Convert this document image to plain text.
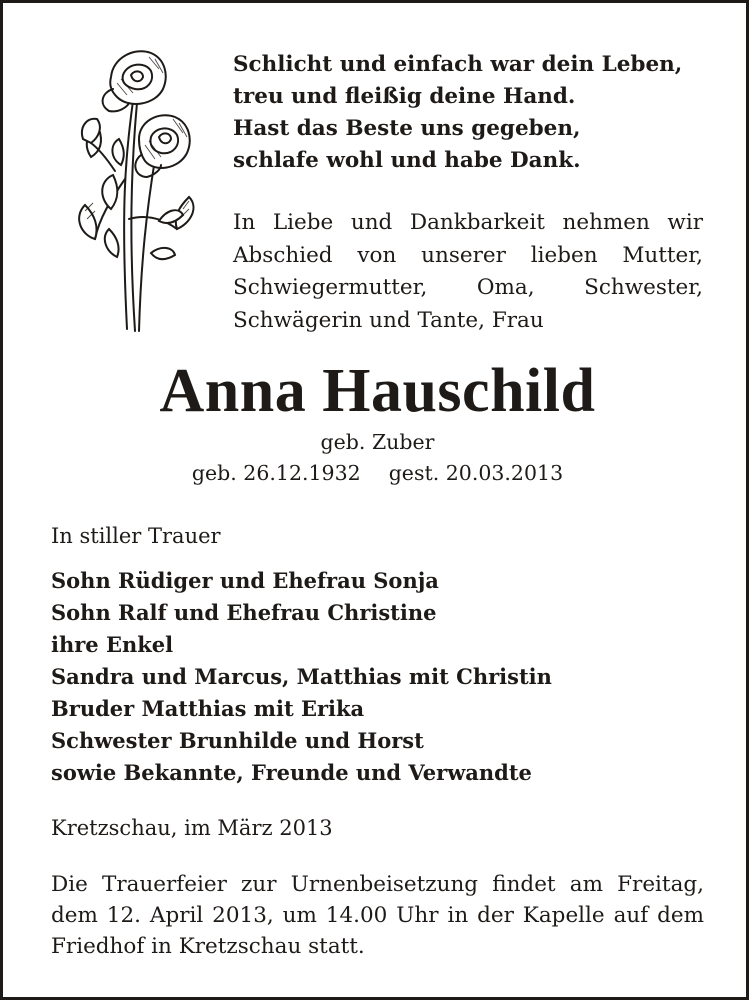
Schlicht und einfach war dein Leben,
treu und fleißig deine Hand.
Hast das Beste uns gegeben,
schlafe wohl und habe Dank.
In Liebe und Dankbarkeit nehmen wir Abschied von unserer lieben Mutter, Schwiegermutter, Oma, Schwester, Schwägerin und Tante, Frau
Anna Hauschild
geb. Zuber
geb. 26.12.1932 gest. 20.03.2013
In stiller Trauer
Sohn Rüdiger und Ehefrau Sonja
Sohn Ralf und Ehefrau Christine
ihre Enkel
Sandra und Marcus, Matthias mit Christin
Bruder Matthias mit Erika
Schwester Brunhilde und Horst
sowie Bekannte, Freunde und Verwandte
Kretzschau, im März 2013
Die Trauerfeier zur Urnenbeisetzung findet am Freitag, dem 12. April 2013, um 14.00 Uhr in der Kapelle auf dem Friedhof in Kretzschau statt.
